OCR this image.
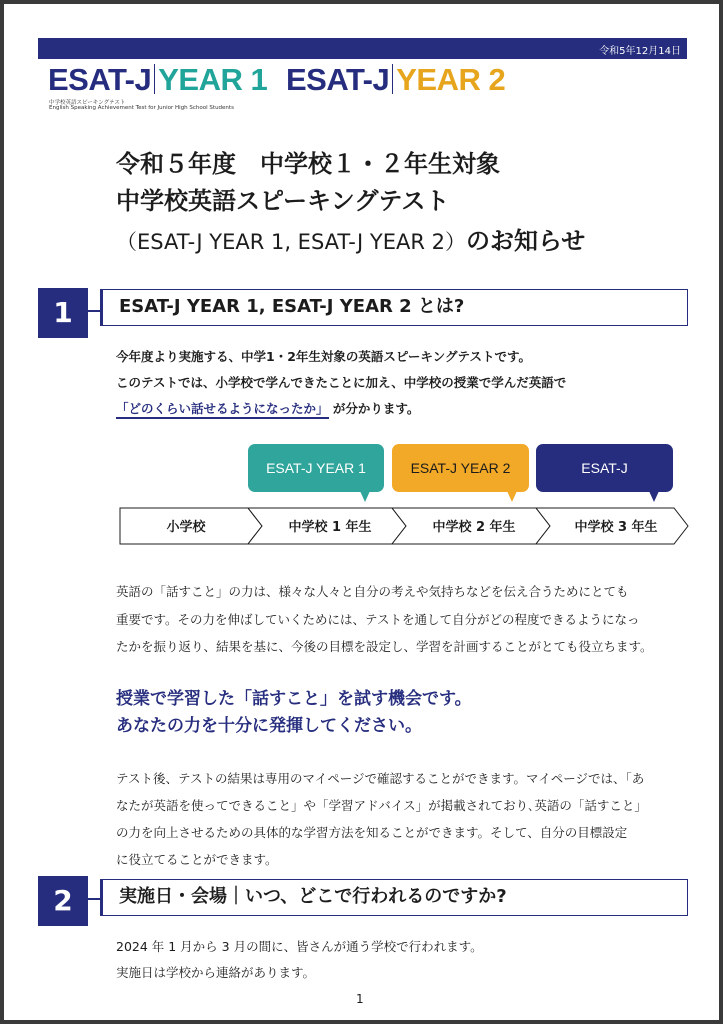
令和5年12月14日
ESAT-J YEAR 1 ESAT-J YEAR 2
中学校英語スピーキングテスト
English Speaking Achievement Test for Junior High School Students
令和５年度　中学校１・２年生対象
中学校英語スピーキングテスト
（ESAT-J YEAR 1, ESAT-J YEAR 2）のお知らせ
1	ESAT-J YEAR 1, ESAT-J YEAR 2 とは?
今年度より実施する、中学1・2年生対象の英語スピーキングテストです。
このテストでは、小学校で学んできたことに加え、中学校の授業で学んだ英語で
「どのくらい話せるようになったか」 が分かります。
ESAT-J YEAR 1	ESAT-J YEAR 2	ESAT-J
小学校	中学校 1 年生	中学校 2 年生	中学校 3 年生
英語の「話すこと」の力は、様々な人々と自分の考えや気持ちなどを伝え合うためにとても
重要です。その力を伸ばしていくためには、テストを通して自分がどの程度できるようになっ
たかを振り返り、結果を基に、今後の目標を設定し、学習を計画することがとても役立ちます。
授業で学習した「話すこと」を試す機会です。
あなたの力を十分に発揮してください。
テスト後、テストの結果は専用のマイページで確認することができます。マイページでは、「あ
なたが英語を使ってできること」や「学習アドバイス」が掲載されており､英語の「話すこと」
の力を向上させるための具体的な学習方法を知ることができます。そして、自分の目標設定
に役立てることができます。
2	実施日・会場｜いつ、どこで行われるのですか?
2024 年 1 月から 3 月の間に、皆さんが通う学校で行われます。
実施日は学校から連絡があります。
1
